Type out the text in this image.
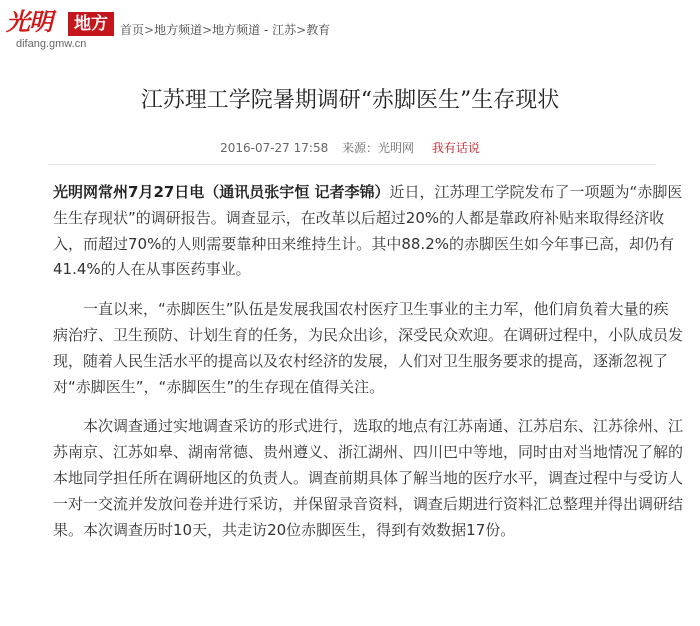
光明	地方
difang.gmw.cn
首页>地方频道>地方频道 - 江苏>教育
江苏理工学院暑期调研“赤脚医生”生存现状
2016-07-27 17:58 来源：光明网 我有话说

光明网常州7月27日电（通讯员张宇恒 记者李锦）近日，江苏理工学院发布了一项题为“赤脚医生生存现状”的调研报告。调查显示，在改革以后超过20%的人都是靠政府补贴来取得经济收入，而超过70%的人则需要靠种田来维持生计。其中88.2%的赤脚医生如今年事已高，却仍有41.4%的人在从事医药事业。

一直以来，“赤脚医生”队伍是发展我国农村医疗卫生事业的主力军，他们肩负着大量的疾病治疗、卫生预防、计划生育的任务，为民众出诊，深受民众欢迎。在调研过程中，小队成员发现，随着人民生活水平的提高以及农村经济的发展，人们对卫生服务要求的提高，逐渐忽视了对“赤脚医生”，“赤脚医生”的生存现在值得关注。

本次调查通过实地调查采访的形式进行，选取的地点有江苏南通、江苏启东、江苏徐州、江苏南京、江苏如皋、湖南常德、贵州遵义、浙江湖州、四川巴中等地，同时由对当地情况了解的本地同学担任所在调研地区的负责人。调查前期具体了解当地的医疗水平，调查过程中与受访人一对一交流并发放问卷并进行采访，并保留录音资料，调查后期进行资料汇总整理并得出调研结果。本次调查历时10天，共走访20位赤脚医生，得到有效数据17份。
